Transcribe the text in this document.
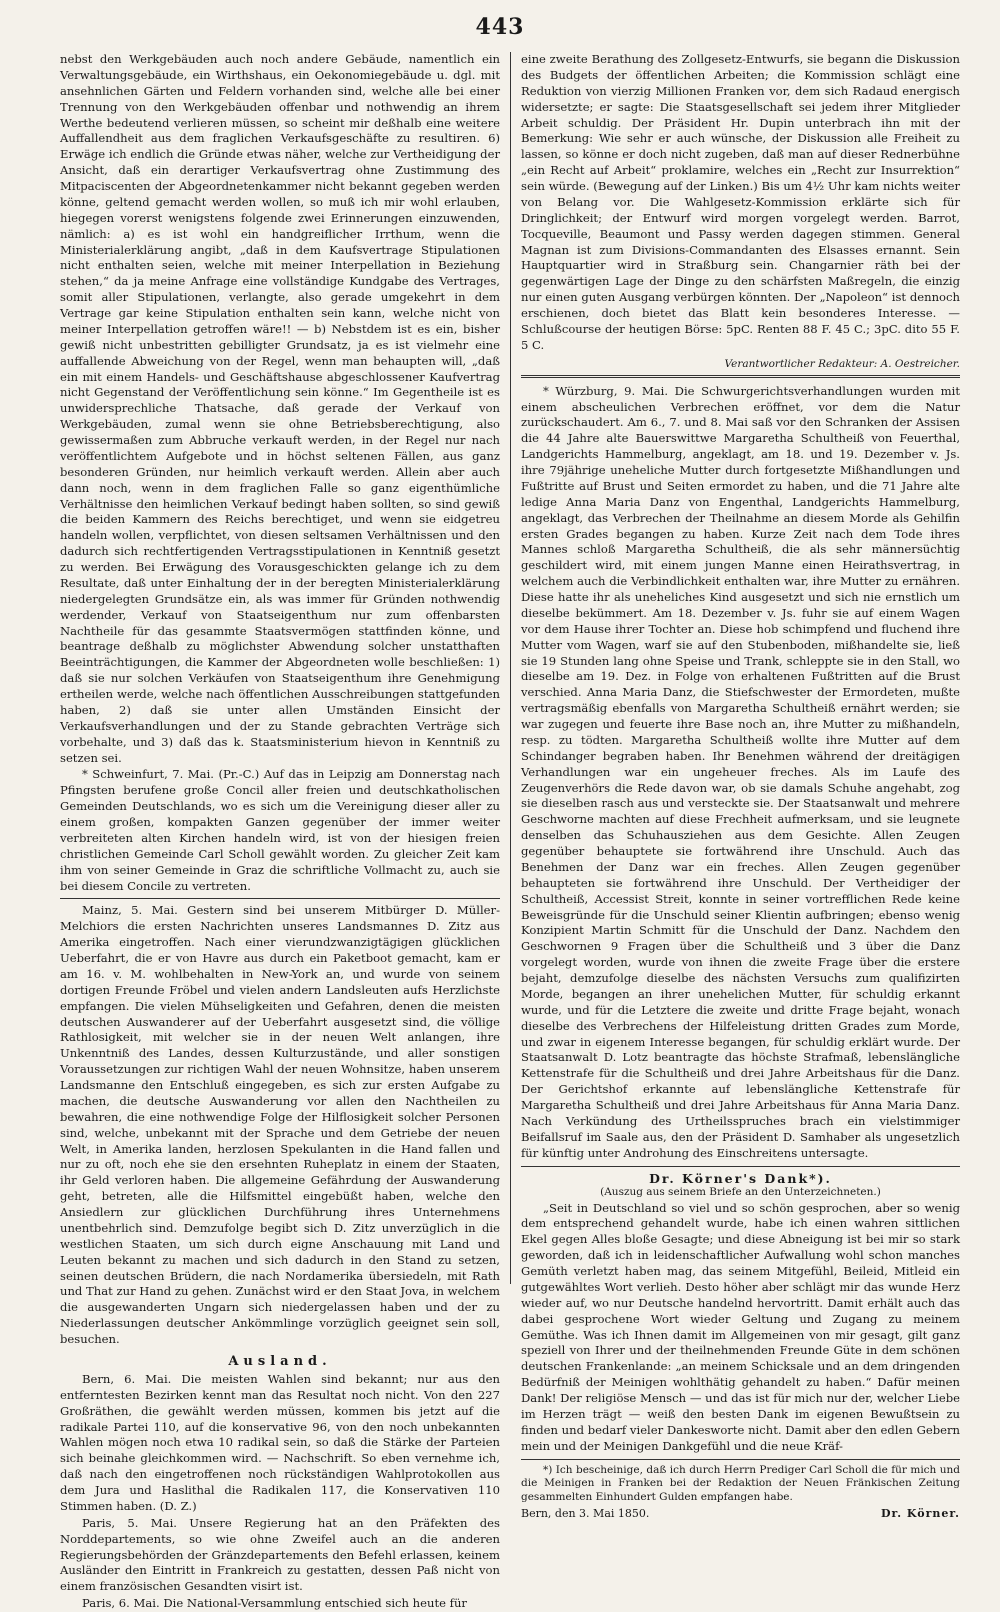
443

nebst den Werkgebäuden auch noch andere Gebäude, namentlich ein Verwaltungsgebäude, ein Wirthshaus, ein Oekonomiegebäude u. dgl. mit ansehnlichen Gärten und Feldern vorhanden sind, welche alle bei einer Trennung von den Werkgebäuden offenbar und nothwendig an ihrem Werthe bedeutend verlieren müssen, so scheint mir deßhalb eine weitere Auffallendheit aus dem fraglichen Verkaufsgeschäfte zu resultiren. 6) Erwäge ich endlich die Gründe etwas näher, welche zur Vertheidigung der Ansicht, daß ein derartiger Verkaufsvertrag ohne Zustimmung des Mitpaciscenten der Abgeordnetenkammer nicht bekannt gegeben werden könne, geltend gemacht werden wollen, so muß ich mir wohl erlauben, hiegegen vorerst wenigstens folgende zwei Erinnerungen einzuwenden, nämlich: a) es ist wohl ein handgreiflicher Irrthum, wenn die Ministerialerklärung angibt, „daß in dem Kaufsvertrage Stipulationen nicht enthalten seien, welche mit meiner Interpellation in Beziehung stehen,“ da ja meine Anfrage eine vollständige Kundgabe des Vertrages, somit aller Stipulationen, verlangte, also gerade umgekehrt in dem Vertrage gar keine Stipulation enthalten sein kann, welche nicht von meiner Interpellation getroffen wäre!! — b) Nebstdem ist es ein, bisher gewiß nicht unbestritten gebilligter Grundsatz, ja es ist vielmehr eine auffallende Abweichung von der Regel, wenn man behaupten will, „daß ein mit einem Handels- und Geschäftshause abgeschlossener Kaufvertrag nicht Gegenstand der Veröffentlichung sein könne.“ Im Gegentheile ist es unwidersprechliche Thatsache, daß gerade der Verkauf von Werkgebäuden, zumal wenn sie ohne Betriebsberechtigung, also gewissermaßen zum Abbruche verkauft werden, in der Regel nur nach veröffentlichtem Aufgebote und in höchst seltenen Fällen, aus ganz besonderen Gründen, nur heimlich verkauft werden. Allein aber auch dann noch, wenn in dem fraglichen Falle so ganz eigenthümliche Verhältnisse den heimlichen Verkauf bedingt haben sollten, so sind gewiß die beiden Kammern des Reichs berechtiget, und wenn sie eidgetreu handeln wollen, verpflichtet, von diesen seltsamen Verhältnissen und den dadurch sich rechtfertigenden Vertragsstipulationen in Kenntniß gesetzt zu werden. Bei Erwägung des Vorausgeschickten gelange ich zu dem Resultate, daß unter Einhaltung der in der beregten Ministerialerklärung niedergelegten Grundsätze ein, als was immer für Gründen nothwendig werdender, Verkauf von Staatseigenthum nur zum offenbarsten Nachtheile für das gesammte Staatsvermögen stattfinden könne, und beantrage deßhalb zu möglichster Abwendung solcher unstatthaften Beeinträchtigungen, die Kammer der Abgeordneten wolle beschließen: 1) daß sie nur solchen Verkäufen von Staatseigenthum ihre Genehmigung ertheilen werde, welche nach öffentlichen Ausschreibungen stattgefunden haben, 2) daß sie unter allen Umständen Einsicht der Verkaufsverhandlungen und der zu Stande gebrachten Verträge sich vorbehalte, und 3) daß das k. Staatsministerium hievon in Kenntniß zu setzen sei.

* Schweinfurt, 7. Mai. (Pr.-C.) Auf das in Leipzig am Donnerstag nach Pfingsten berufene große Concil aller freien und deutschkatholischen Gemeinden Deutschlands, wo es sich um die Vereinigung dieser aller zu einem großen, kompakten Ganzen gegenüber der immer weiter verbreiteten alten Kirchen handeln wird, ist von der hiesigen freien christlichen Gemeinde Carl Scholl gewählt worden. Zu gleicher Zeit kam ihm von seiner Gemeinde in Graz die schriftliche Vollmacht zu, auch sie bei diesem Concile zu vertreten.

Mainz, 5. Mai. Gestern sind bei unserem Mitbürger D. Müller-Melchiors die ersten Nachrichten unseres Landsmannes D. Zitz aus Amerika eingetroffen. Nach einer vierundzwanzigtägigen glücklichen Ueberfahrt, die er von Havre aus durch ein Paketboot gemacht, kam er am 16. v. M. wohlbehalten in New-York an, und wurde von seinem dortigen Freunde Fröbel und vielen andern Landsleuten aufs Herzlichste empfangen. Die vielen Mühseligkeiten und Gefahren, denen die meisten deutschen Auswanderer auf der Ueberfahrt ausgesetzt sind, die völlige Rathlosigkeit, mit welcher sie in der neuen Welt anlangen, ihre Unkenntniß des Landes, dessen Kulturzustände, und aller sonstigen Voraussetzungen zur richtigen Wahl der neuen Wohnsitze, haben unserem Landsmanne den Entschluß eingegeben, es sich zur ersten Aufgabe zu machen, die deutsche Auswanderung vor allen den Nachtheilen zu bewahren, die eine nothwendige Folge der Hilflosigkeit solcher Personen sind, welche, unbekannt mit der Sprache und dem Getriebe der neuen Welt, in Amerika landen, herzlosen Spekulanten in die Hand fallen und nur zu oft, noch ehe sie den ersehnten Ruheplatz in einem der Staaten, ihr Geld verloren haben. Die allgemeine Gefährdung der Auswanderung geht, betreten, alle die Hilfsmittel eingebüßt haben, welche den Ansiedlern zur glücklichen Durchführung ihres Unternehmens unentbehrlich sind. Demzufolge begibt sich D. Zitz unverzüglich in die westlichen Staaten, um sich durch eigne Anschauung mit Land und Leuten bekannt zu machen und sich dadurch in den Stand zu setzen, seinen deutschen Brüdern, die nach Nordamerika übersiedeln, mit Rath und That zur Hand zu gehen. Zunächst wird er den Staat Jova, in welchem die ausgewanderten Ungarn sich niedergelassen haben und der zu Niederlassungen deutscher Ankömmlinge vorzüglich geeignet sein soll, besuchen.

Ausland.

Bern, 6. Mai. Die meisten Wahlen sind bekannt; nur aus den entferntesten Bezirken kennt man das Resultat noch nicht. Von den 227 Großräthen, die gewählt werden müssen, kommen bis jetzt auf die radikale Partei 110, auf die konservative 96, von den noch unbekannten Wahlen mögen noch etwa 10 radikal sein, so daß die Stärke der Parteien sich beinahe gleichkommen wird. — Nachschrift. So eben vernehme ich, daß nach den eingetroffenen noch rückständigen Wahlprotokollen aus dem Jura und Haslithal die Radikalen 117, die Konservativen 110 Stimmen haben. (D. Z.)

Paris, 5. Mai. Unsere Regierung hat an den Präfekten des Norddepartements, so wie ohne Zweifel auch an die anderen Regierungsbehörden der Gränzdepartements den Befehl erlassen, keinem Ausländer den Eintritt in Frankreich zu gestatten, dessen Paß nicht von einem französischen Gesandten visirt ist.

Paris, 6. Mai. Die National-Versammlung entschied sich heute für

eine zweite Berathung des Zollgesetz-Entwurfs, sie begann die Diskussion des Budgets der öffentlichen Arbeiten; die Kommission schlägt eine Reduktion von vierzig Millionen Franken vor, dem sich Radaud energisch widersetzte; er sagte: Die Staatsgesellschaft sei jedem ihrer Mitglieder Arbeit schuldig. Der Präsident Hr. Dupin unterbrach ihn mit der Bemerkung: Wie sehr er auch wünsche, der Diskussion alle Freiheit zu lassen, so könne er doch nicht zugeben, daß man auf dieser Rednerbühne „ein Recht auf Arbeit“ proklamire, welches ein „Recht zur Insurrektion“ sein würde. (Bewegung auf der Linken.) Bis um 4½ Uhr kam nichts weiter von Belang vor. Die Wahlgesetz-Kommission erklärte sich für Dringlichkeit; der Entwurf wird morgen vorgelegt werden. Barrot, Tocqueville, Beaumont und Passy werden dagegen stimmen. General Magnan ist zum Divisions-Commandanten des Elsasses ernannt. Sein Hauptquartier wird in Straßburg sein. Changarnier räth bei der gegenwärtigen Lage der Dinge zu den schärfsten Maßregeln, die einzig nur einen guten Ausgang verbürgen könnten. Der „Napoleon“ ist dennoch erschienen, doch bietet das Blatt kein besonderes Interesse. — Schlußcourse der heutigen Börse: 5pC. Renten 88 F. 45 C.; 3pC. dito 55 F. 5 C.

Verantwortlicher Redakteur: A. Oestreicher.

* Würzburg, 9. Mai. Die Schwurgerichtsverhandlungen wurden mit einem abscheulichen Verbrechen eröffnet, vor dem die Natur zurückschaudert. Am 6., 7. und 8. Mai saß vor den Schranken der Assisen die 44 Jahre alte Bauerswittwe Margaretha Schultheiß von Feuerthal, Landgerichts Hammelburg, angeklagt, am 18. und 19. Dezember v. Js. ihre 79jährige uneheliche Mutter durch fortgesetzte Mißhandlungen und Fußtritte auf Brust und Seiten ermordet zu haben, und die 71 Jahre alte ledige Anna Maria Danz von Engenthal, Landgerichts Hammelburg, angeklagt, das Verbrechen der Theilnahme an diesem Morde als Gehilfin ersten Grades begangen zu haben. Kurze Zeit nach dem Tode ihres Mannes schloß Margaretha Schultheiß, die als sehr männersüchtig geschildert wird, mit einem jungen Manne einen Heirathsvertrag, in welchem auch die Verbindlichkeit enthalten war, ihre Mutter zu ernähren. Diese hatte ihr als uneheliches Kind ausgesetzt und sich nie ernstlich um dieselbe bekümmert. Am 18. Dezember v. Js. fuhr sie auf einem Wagen vor dem Hause ihrer Tochter an. Diese hob schimpfend und fluchend ihre Mutter vom Wagen, warf sie auf den Stubenboden, mißhandelte sie, ließ sie 19 Stunden lang ohne Speise und Trank, schleppte sie in den Stall, wo dieselbe am 19. Dez. in Folge von erhaltenen Fußtritten auf die Brust verschied. Anna Maria Danz, die Stiefschwester der Ermordeten, mußte vertragsmäßig ebenfalls von Margaretha Schultheiß ernährt werden; sie war zugegen und feuerte ihre Base noch an, ihre Mutter zu mißhandeln, resp. zu tödten. Margaretha Schultheiß wollte ihre Mutter auf dem Schindanger begraben haben. Ihr Benehmen während der dreitägigen Verhandlungen war ein ungeheuer freches. Als im Laufe des Zeugenverhörs die Rede davon war, ob sie damals Schuhe angehabt, zog sie dieselben rasch aus und versteckte sie. Der Staatsanwalt und mehrere Geschworne machten auf diese Frechheit aufmerksam, und sie leugnete denselben das Schuhausziehen aus dem Gesichte. Allen Zeugen gegenüber behauptete sie fortwährend ihre Unschuld. Auch das Benehmen der Danz war ein freches. Allen Zeugen gegenüber behaupteten sie fortwährend ihre Unschuld. Der Vertheidiger der Schultheiß, Accessist Streit, konnte in seiner vortrefflichen Rede keine Beweisgründe für die Unschuld seiner Klientin aufbringen; ebenso wenig Konzipient Martin Schmitt für die Unschuld der Danz. Nachdem den Geschwornen 9 Fragen über die Schultheiß und 3 über die Danz vorgelegt worden, wurde von ihnen die zweite Frage über die erstere bejaht, demzufolge dieselbe des nächsten Versuchs zum qualifizirten Morde, begangen an ihrer unehelichen Mutter, für schuldig erkannt wurde, und für die Letztere die zweite und dritte Frage bejaht, wonach dieselbe des Verbrechens der Hilfeleistung dritten Grades zum Morde, und zwar in eigenem Interesse begangen, für schuldig erklärt wurde. Der Staatsanwalt D. Lotz beantragte das höchste Strafmaß, lebenslängliche Kettenstrafe für die Schultheiß und drei Jahre Arbeitshaus für die Danz. Der Gerichtshof erkannte auf lebenslängliche Kettenstrafe für Margaretha Schultheiß und drei Jahre Arbeitshaus für Anna Maria Danz. Nach Verkündung des Urtheilsspruches brach ein vielstimmiger Beifallsruf im Saale aus, den der Präsident D. Samhaber als ungesetzlich für künftig unter Androhung des Einschreitens untersagte.

Dr. Körner's Dank*).
(Auszug aus seinem Briefe an den Unterzeichneten.)

„Seit in Deutschland so viel und so schön gesprochen, aber so wenig dem entsprechend gehandelt wurde, habe ich einen wahren sittlichen Ekel gegen Alles bloße Gesagte; und diese Abneigung ist bei mir so stark geworden, daß ich in leidenschaftlicher Aufwallung wohl schon manches Gemüth verletzt haben mag, das seinem Mitgefühl, Beileid, Mitleid ein gutgewähltes Wort verlieh. Desto höher aber schlägt mir das wunde Herz wieder auf, wo nur Deutsche handelnd hervortritt. Damit erhält auch das dabei gesprochene Wort wieder Geltung und Zugang zu meinem Gemüthe. Was ich Ihnen damit im Allgemeinen von mir gesagt, gilt ganz speziell von Ihrer und der theilnehmenden Freunde Güte in dem schönen deutschen Frankenlande: „an meinem Schicksale und an dem dringenden Bedürfniß der Meinigen wohlthätig gehandelt zu haben.“ Dafür meinen Dank! Der religiöse Mensch — und das ist für mich nur der, welcher Liebe im Herzen trägt — weiß den besten Dank im eigenen Bewußtsein zu finden und bedarf vieler Dankesworte nicht. Damit aber den edlen Gebern mein und der Meinigen Dankgefühl und die neue Kräf-

*) Ich bescheinige, daß ich durch Herrn Prediger Carl Scholl die für mich und die Meinigen in Franken bei der Redaktion der Neuen Fränkischen Zeitung gesammelten Einhundert Gulden empfangen habe.

Bern, den 3. Mai 1850.	Dr. Körner.
